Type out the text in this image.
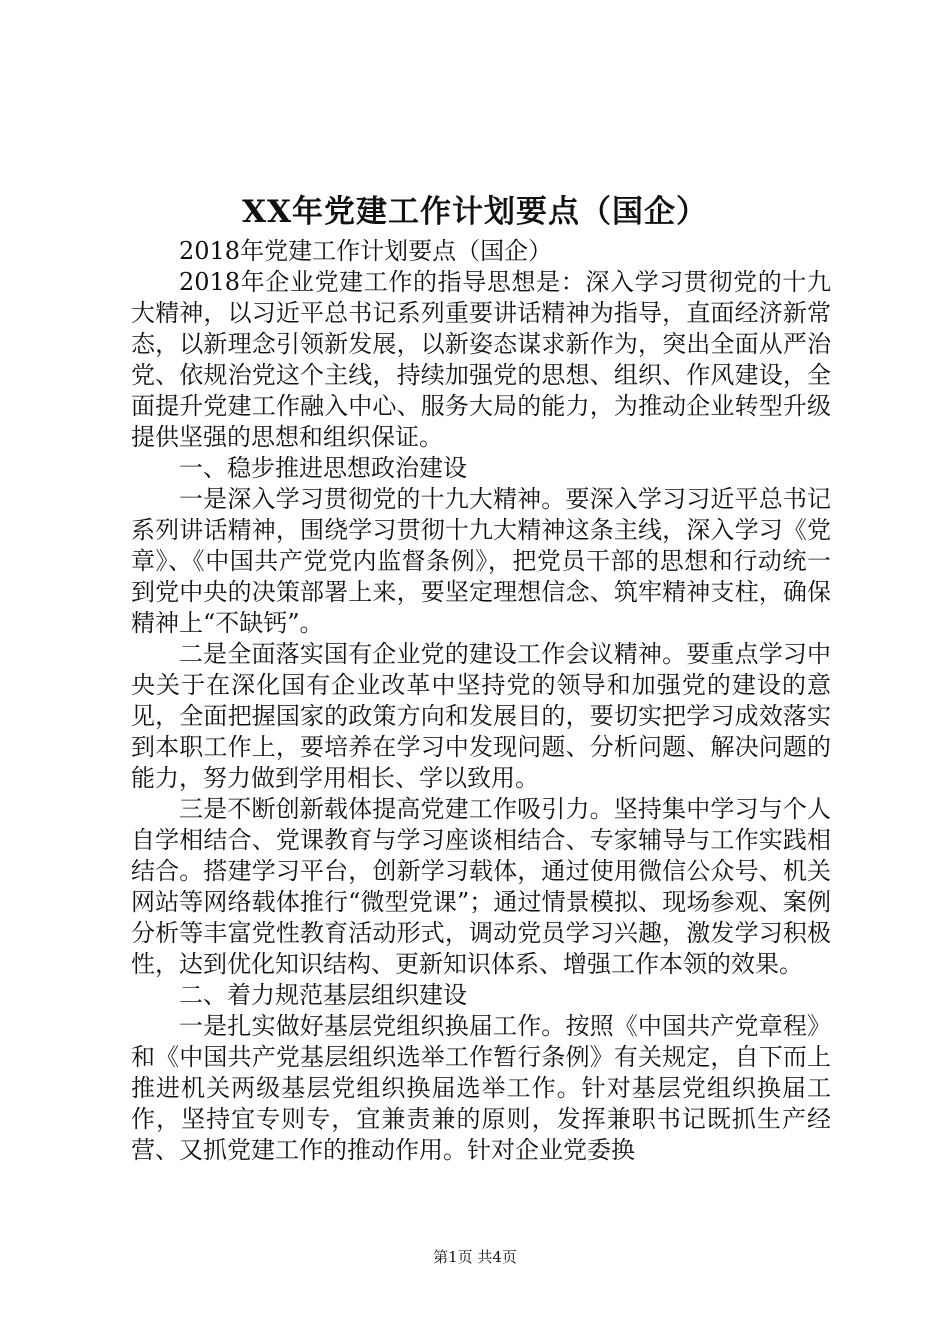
XX年党建工作计划要点（国企）

2018年党建工作计划要点（国企）

2018年企业党建工作的指导思想是：深入学习贯彻党的十九大精神，以习近平总书记系列重要讲话精神为指导，直面经济新常态，以新理念引领新发展，以新姿态谋求新作为，突出全面从严治党、依规治党这个主线，持续加强党的思想、组织、作风建设，全面提升党建工作融入中心、服务大局的能力，为推动企业转型升级提供坚强的思想和组织保证。

一、稳步推进思想政治建设

一是深入学习贯彻党的十九大精神。要深入学习习近平总书记系列讲话精神，围绕学习贯彻十九大精神这条主线，深入学习《党章》、《中国共产党党内监督条例》，把党员干部的思想和行动统一到党中央的决策部署上来，要坚定理想信念、筑牢精神支柱，确保精神上“不缺钙”。

二是全面落实国有企业党的建设工作会议精神。要重点学习中央关于在深化国有企业改革中坚持党的领导和加强党的建设的意见，全面把握国家的政策方向和发展目的，要切实把学习成效落实到本职工作上，要培养在学习中发现问题、分析问题、解决问题的能力，努力做到学用相长、学以致用。

三是不断创新载体提高党建工作吸引力。坚持集中学习与个人自学相结合、党课教育与学习座谈相结合、专家辅导与工作实践相结合。搭建学习平台，创新学习载体，通过使用微信公众号、机关网站等网络载体推行“微型党课”；通过情景模拟、现场参观、案例分析等丰富党性教育活动形式，调动党员学习兴趣，激发学习积极性，达到优化知识结构、更新知识体系、增强工作本领的效果。

二、着力规范基层组织建设

一是扎实做好基层党组织换届工作。按照《中国共产党章程》和《中国共产党基层组织选举工作暂行条例》有关规定，自下而上推进机关两级基层党组织换届选举工作。针对基层党组织换届工作，坚持宜专则专，宜兼责兼的原则，发挥兼职书记既抓生产经营、又抓党建工作的推动作用。针对企业党委换

第1页 共4页
